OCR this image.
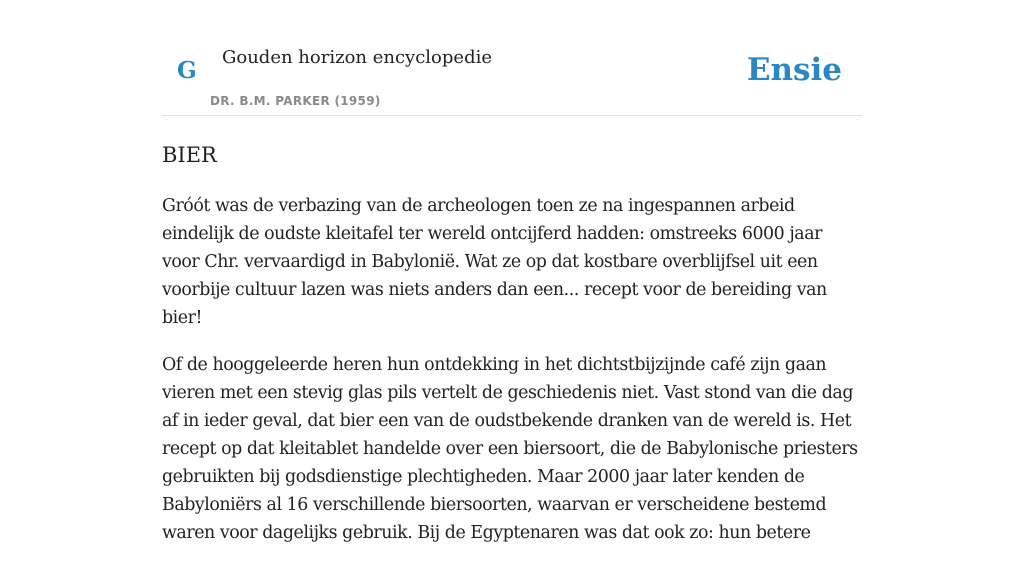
G Gouden horizon encyclopedie
DR. B.M. PARKER (1959)
Ensie
BIER

Gróót was de verbazing van de archeologen toen ze na ingespannen arbeid eindelijk de oudste kleitafel ter wereld ontcijferd hadden: omstreeks 6000 jaar voor Chr. vervaardigd in Babylonië. Wat ze op dat kostbare overblijfsel uit een voorbije cultuur lazen was niets anders dan een... recept voor de bereiding van bier!

Of de hooggeleerde heren hun ontdekking in het dichtstbijzijnde café zijn gaan vieren met een stevig glas pils vertelt de geschiedenis niet. Vast stond van die dag af in ieder geval, dat bier een van de oudstbekende dranken van de wereld is. Het recept op dat kleitablet handelde over een biersoort, die de Babylonische priesters gebruikten bij godsdienstige plechtigheden. Maar 2000 jaar later kenden de Babyloniërs al 16 verschillende biersoorten, waarvan er verscheidene bestemd waren voor dagelijks gebruik. Bij de Egyptenaren was dat ook zo: hun betere
